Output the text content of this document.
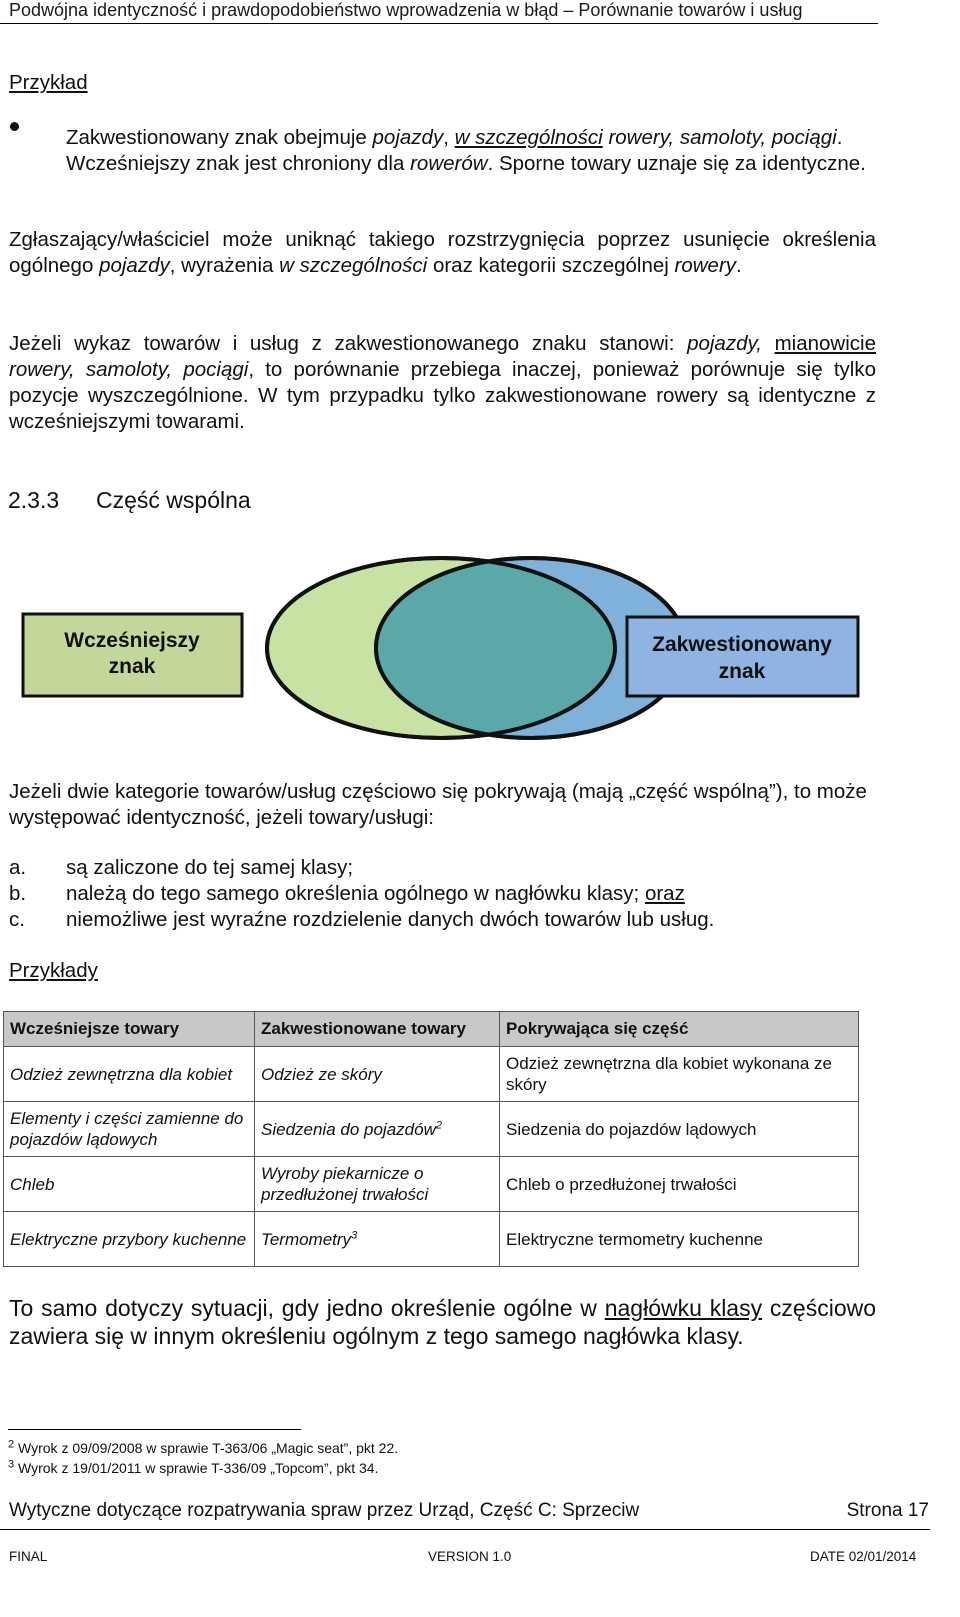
Podwójna identyczność i prawdopodobieństwo wprowadzenia w błąd – Porównanie towarów i usług
Przykład
Zakwestionowany znak obejmuje pojazdy, w szczególności rowery, samoloty, pociągi. Wcześniejszy znak jest chroniony dla rowerów. Sporne towary uznaje się za identyczne.
Zgłaszający/właściciel może uniknąć takiego rozstrzygnięcia poprzez usunięcie określenia ogólnego pojazdy, wyrażenia w szczególności oraz kategorii szczególnej rowery.
Jeżeli wykaz towarów i usług z zakwestionowanego znaku stanowi: pojazdy, mianowicie rowery, samoloty, pociągi, to porównanie przebiega inaczej, ponieważ porównuje się tylko pozycje wyszczególnione. W tym przypadku tylko zakwestionowane rowery są identyczne z wcześniejszymi towarami.
2.3.3 Część wspólna
Wcześniejszy
znak
Zakwestionowany
znak
Jeżeli dwie kategorie towarów/usług częściowo się pokrywają (mają „część wspólną”), to może występować identyczność, jeżeli towary/usługi:
a. są zaliczone do tej samej klasy;
b. należą do tego samego określenia ogólnego w nagłówku klasy; oraz
c. niemożliwe jest wyraźne rozdzielenie danych dwóch towarów lub usług.
Przykłady
Wcześniejsze towary	Zakwestionowane towary	Pokrywająca się część
Odzież zewnętrzna dla kobiet	Odzież ze skóry	Odzież zewnętrzna dla kobiet wykonana ze skóry
Elementy i części zamienne do pojazdów lądowych	Siedzenia do pojazdów$^2$	Siedzenia do pojazdów lądowych
Chleb	Wyroby piekarnicze o przedłużonej trwałości	Chleb o przedłużonej trwałości
Elektryczne przybory kuchenne	Termometry$^3$	Elektryczne termometry kuchenne
To samo dotyczy sytuacji, gdy jedno określenie ogólne w nagłówku klasy częściowo zawiera się w innym określeniu ogólnym z tego samego nagłówka klasy.
$^2$ Wyrok z 09/09/2008 w sprawie T-363/06 „Magic seat”, pkt 22.
$^3$ Wyrok z 19/01/2011 w sprawie T-336/09 „Topcom”, pkt 34.
Wytyczne dotyczące rozpatrywania spraw przez Urząd, Część C: Sprzeciw	Strona 17
FINAL	VERSION 1.0	DATE 02/01/2014
